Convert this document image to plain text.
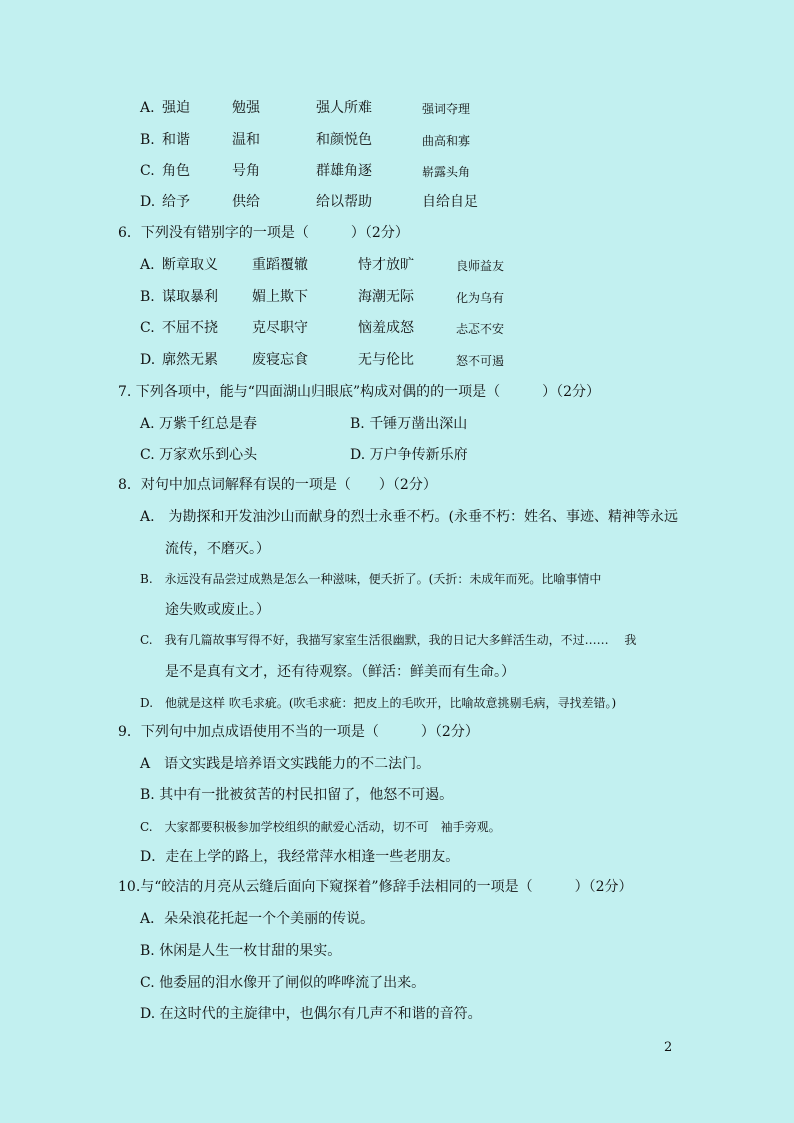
A. 强迫	勉强	强人所难	强词夺理
B. 和谐	温和	和颜悦色	曲高和寡
C. 角色	号角	群雄角逐	崭露头角
D. 给予	供给	给以帮助	自给自足
6．下列没有错别字的一项是（　　　）（2分）
A. 断章取义 重蹈覆辙	恃才放旷	良师益友
B. 谋取暴利 媚上欺下	海潮无际	化为乌有
C. 不屈不挠 克尽职守	恼羞成怒	忐忑不安
D. 廓然无累 废寝忘食	无与伦比	怒不可遏
7. 下列各项中，能与“四面湖山归眼底”构成对偶的的一项是（　　　）（2分）
A. 万紫千红总是春	B. 千锤万凿出深山
C. 万家欢乐到心头	D. 万户争传新乐府
8．对句中加点词解释有误的一项是（　　）（2分）
A.　为勘探和开发油沙山而献身的烈士永垂不朽。(永垂不朽：姓名、事迹、精神等永远
流传，不磨灭。）
B.　永远没有品尝过成熟是怎么一种滋味，便夭折了。(夭折：未成年而死。比喻事情中
途失败或废止。）
C.　我有几篇故事写得不好，我描写家室生活很幽默，我的日记大多鲜活生动，不过……　 我
是不是真有文才，还有待观察。（鲜活：鲜美而有生命。）
D.　他就是这样 吹毛求疵。(吹毛求疵：把皮上的毛吹开，比喻故意挑剔毛病，寻找差错。)
9．下列句中加点成语使用不当的一项是（　　　）（2分）
A　语文实践是培养语文实践能力的不二法门。
B. 其中有一批被贫苦的村民扣留了，他怒不可遏。
C.　大家都要积极参加学校组织的献爱心活动，切不可　袖手旁观。
D．走在上学的路上，我经常萍水相逢一些老朋友。
10.与“皎洁的月亮从云缝后面向下窥探着”修辞手法相同的一项是（　　　）（2分）
A．朵朵浪花托起一个个美丽的传说。
B. 休闲是人生一枚甘甜的果实。
C. 他委屈的泪水像开了闸似的哗哗流了出来。
D. 在这时代的主旋律中，也偶尔有几声不和谐的音符。
2
